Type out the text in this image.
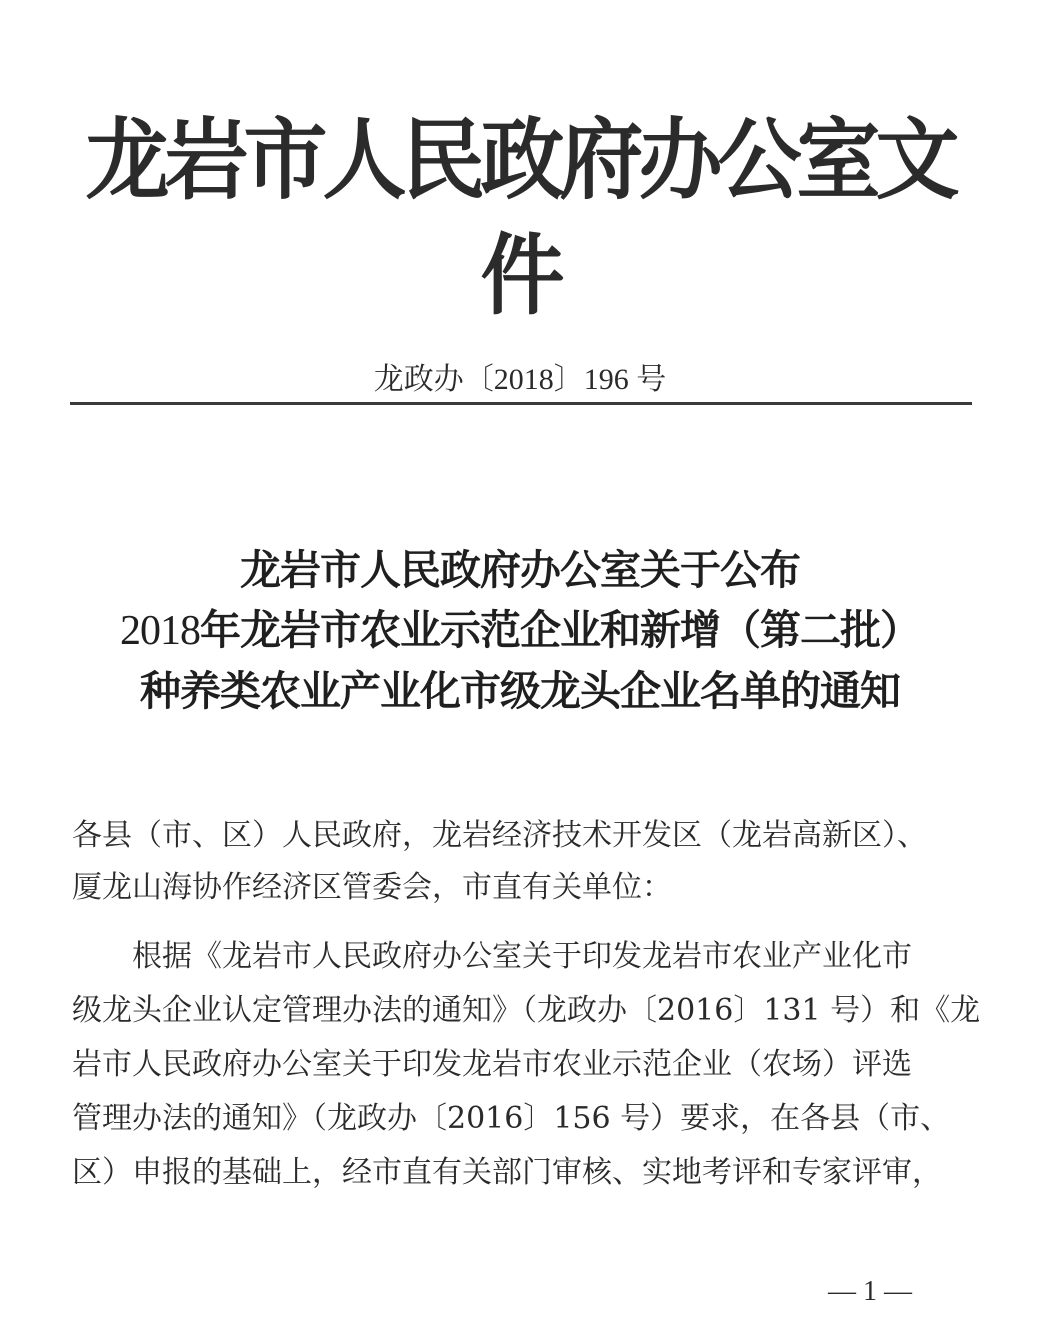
龙岩市人民政府办公室文件
龙政办〔2018〕196 号
龙岩市人民政府办公室关于公布
2018年龙岩市农业示范企业和新增（第二批）
种养类农业产业化市级龙头企业名单的通知
各县（市、区）人民政府，龙岩经济技术开发区（龙岩高新区）、
厦龙山海协作经济区管委会，市直有关单位：
根据《龙岩市人民政府办公室关于印发龙岩市农业产业化市
级龙头企业认定管理办法的通知》（龙政办〔2016〕131 号）和《龙
岩市人民政府办公室关于印发龙岩市农业示范企业（农场）评选
管理办法的通知》（龙政办〔2016〕156 号）要求，在各县（市、
区）申报的基础上，经市直有关部门审核、实地考评和专家评审，
— 1 —
